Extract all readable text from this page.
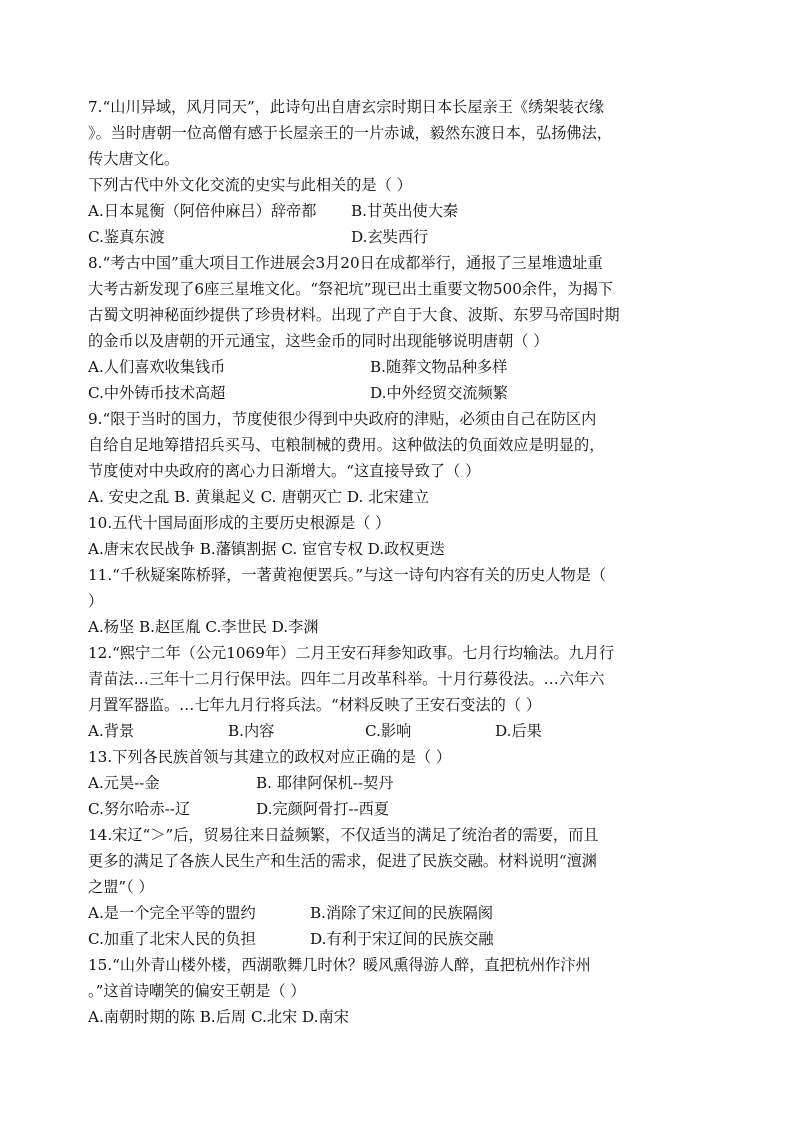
7.“山川异域，风月同天”，此诗句出自唐玄宗时期日本长屋亲王《绣架装衣缘
》。当时唐朝一位高僧有感于长屋亲王的一片赤诚，毅然东渡日本，弘扬佛法，
传大唐文化。
下列古代中外文化交流的史实与此相关的是（ ）
A.日本晁衡（阿倍仲麻吕）辞帝都 B.甘英出使大秦
C.鉴真东渡	D.玄奘西行
8.“考古中国”重大项目工作进展会3月20日在成都举行，通报了三星堆遗址重
大考古新发现了6座三星堆文化。“祭祀坑”现已出土重要文物500余件，为揭下
古蜀文明神秘面纱提供了珍贵材料。出现了产自于大食、波斯、东罗马帝国时期
的金币以及唐朝的开元通宝，这些金币的同时出现能够说明唐朝（ ）
A.人们喜欢收集钱币	B.随葬文物品种多样
C.中外铸币技术高超	D.中外经贸交流频繁
9.“限于当时的国力，节度使很少得到中央政府的津贴，必须由自己在防区内
自给自足地筹措招兵买马、屯粮制械的费用。这种做法的负面效应是明显的，
节度使对中央政府的离心力日渐增大。“这直接导致了（ ）
A. 安史之乱 B. 黄巢起义 C. 唐朝灭亡 D. 北宋建立
10.五代十国局面形成的主要历史根源是（ ）
A.唐末农民战争 B.藩镇割据 C. 宦官专权 D.政权更迭
11.“千秋疑案陈桥驿，一著黄袍便罢兵。”与这一诗句内容有关的历史人物是（
）
A.杨坚 B.赵匡胤 C.李世民 D.李渊
12.“熙宁二年（公元1069年）二月王安石拜参知政事。七月行均输法。九月行
青苗法…三年十二月行保甲法。四年二月改革科举。十月行募役法。…六年六
月置军器监。…七年九月行将兵法。“材料反映了王安石变法的（ ）
A.背景	B.内容	C.影响	D.后果
13.下列各民族首领与其建立的政权对应正确的是（ ）
A.元昊--金	B. 耶律阿保机--契丹
C.努尔哈赤--辽	D.完颜阿骨打--西夏
14.宋辽“＞”后，贸易往来日益频繁，不仅适当的满足了统治者的需要，而且
更多的满足了各族人民生产和生活的需求，促进了民族交融。材料说明“澶渊
之盟”（ ）
A.是一个完全平等的盟约	B.消除了宋辽间的民族隔阂
C.加重了北宋人民的负担	D.有利于宋辽间的民族交融
15.“山外青山楼外楼，西湖歌舞几时休？暖风熏得游人醉，直把杭州作汴州
。”这首诗嘲笑的偏安王朝是（ ）
A.南朝时期的陈 B.后周 C.北宋 D.南宋
